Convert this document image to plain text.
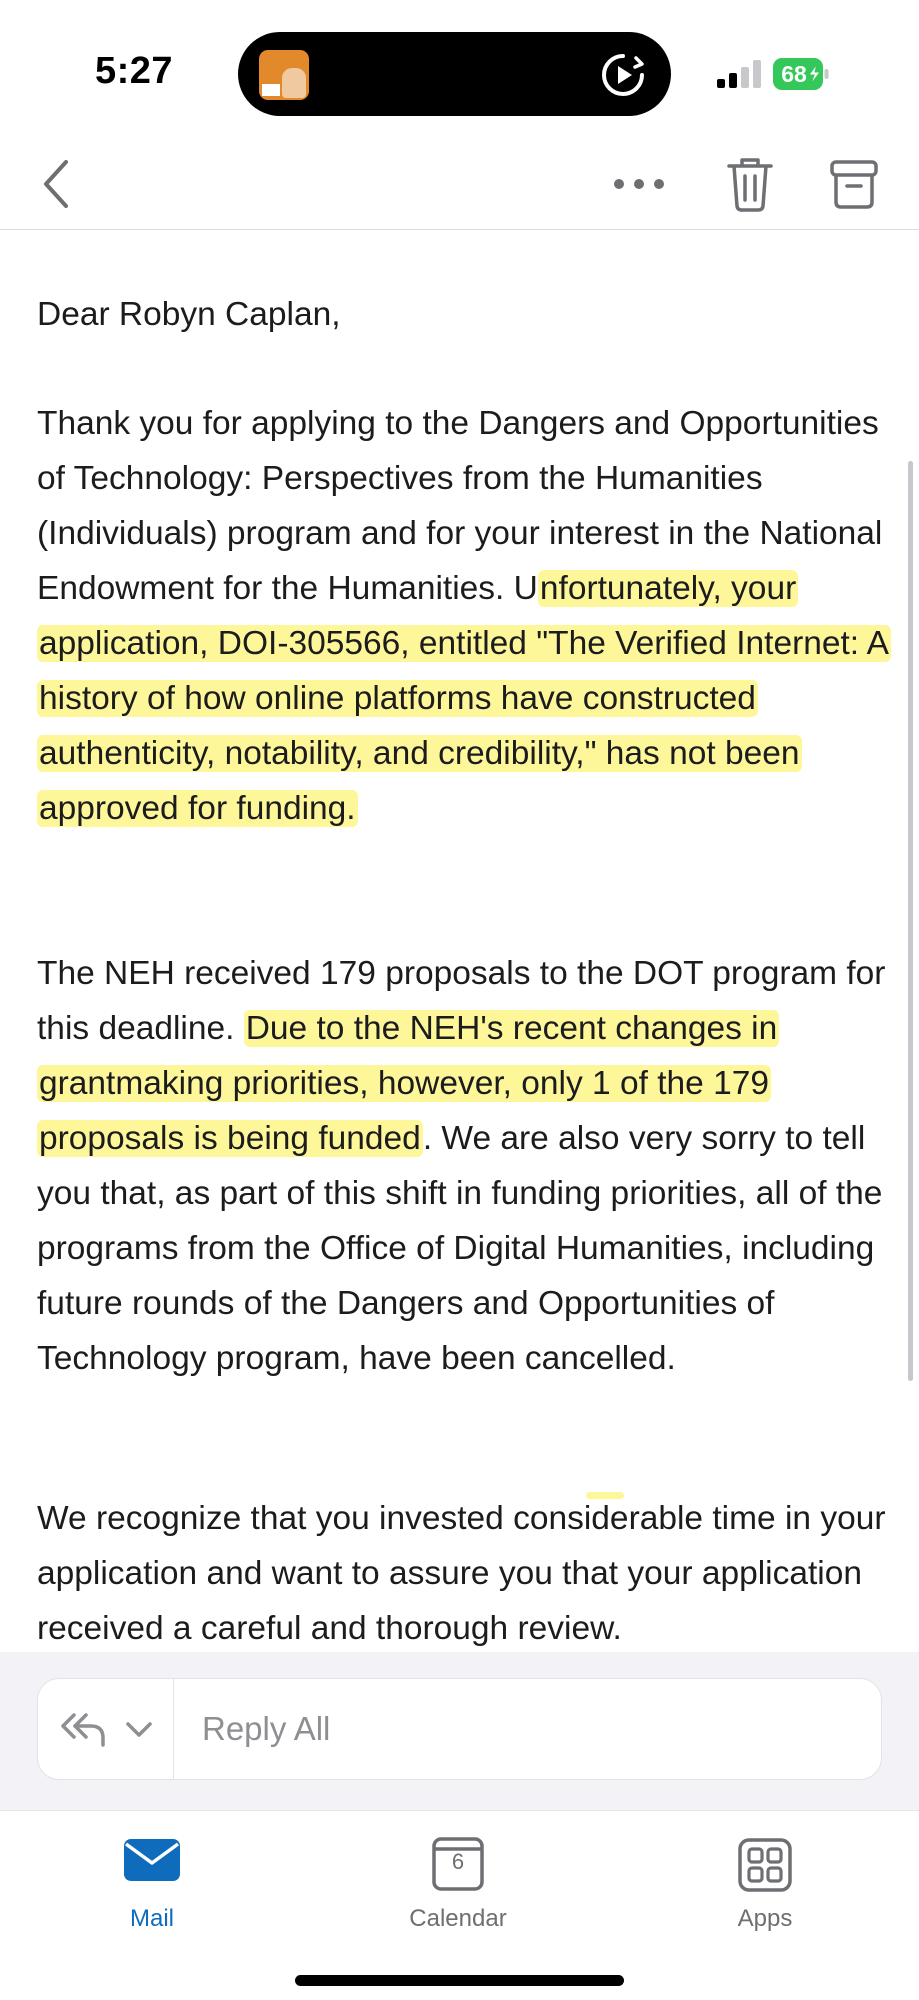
5:27	68

Dear Robyn Caplan,

Thank you for applying to the Dangers and Opportunities of Technology: Perspectives from the Humanities (Individuals) program and for your interest in the National Endowment for the Humanities. Unfortunately, your application, DOI-305566, entitled "The Verified Internet: A history of how online platforms have constructed authenticity, notability, and credibility," has not been approved for funding.

The NEH received 179 proposals to the DOT program for this deadline. Due to the NEH's recent changes in grantmaking priorities, however, only 1 of the 179 proposals is being funded. We are also very sorry to tell you that, as part of this shift in funding priorities, all of the programs from the Office of Digital Humanities, including future rounds of the Dangers and Opportunities of Technology program, have been cancelled.

We recognize that you invested considerable time in your application and want to assure you that your application received a careful and thorough review.

Reply All
Mail
6
Calendar	Apps
